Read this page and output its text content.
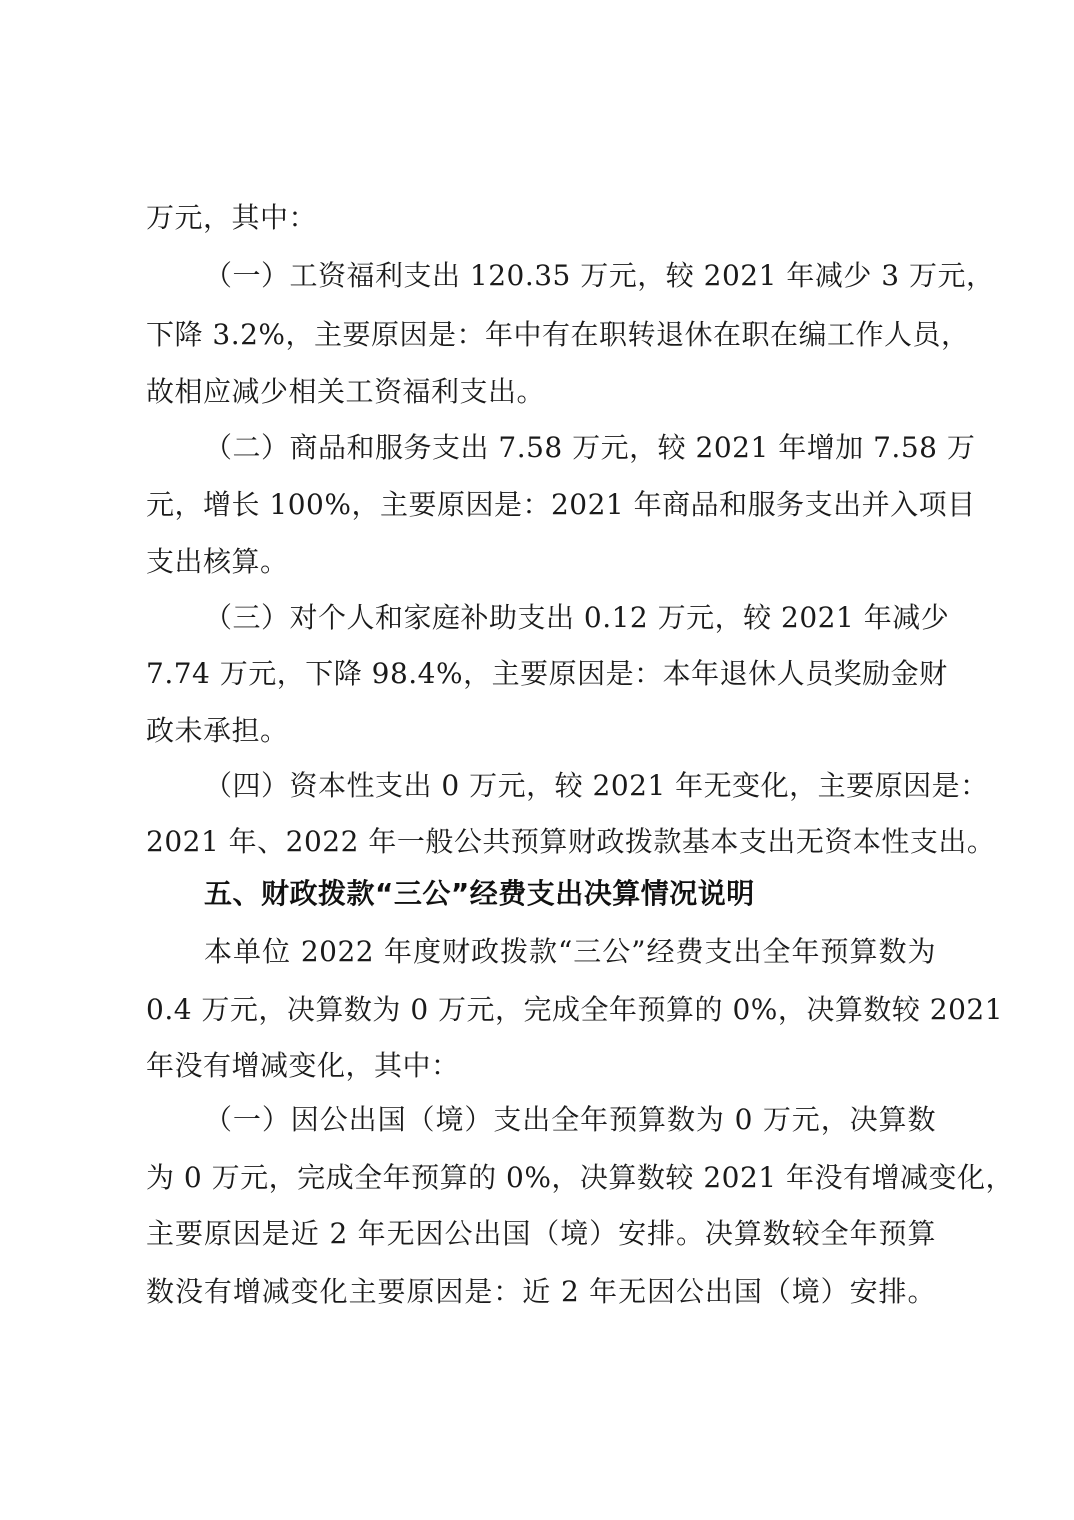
万元，其中：
（一）工资福利支出 120.35 万元，较 2021 年减少 3 万元，
下降 3.2%，主要原因是：年中有在职转退休在职在编工作人员，
故相应减少相关工资福利支出。
（二）商品和服务支出 7.58 万元，较 2021 年增加 7.58 万
元，增长 100%，主要原因是：2021 年商品和服务支出并入项目
支出核算。
（三）对个人和家庭补助支出 0.12 万元，较 2021 年减少
7.74 万元，下降 98.4%，主要原因是：本年退休人员奖励金财
政未承担。
（四）资本性支出 0 万元，较 2021 年无变化，主要原因是：
2021 年、2022 年一般公共预算财政拨款基本支出无资本性支出。
五、财政拨款“三公”经费支出决算情况说明
本单位 2022 年度财政拨款“三公”经费支出全年预算数为
0.4 万元，决算数为 0 万元，完成全年预算的 0%，决算数较 2021
年没有增减变化，其中：
（一）因公出国（境）支出全年预算数为 0 万元，决算数
为 0 万元，完成全年预算的 0%，决算数较 2021 年没有增减变化，
主要原因是近 2 年无因公出国（境）安排。决算数较全年预算
数没有增减变化主要原因是：近 2 年无因公出国（境）安排。
